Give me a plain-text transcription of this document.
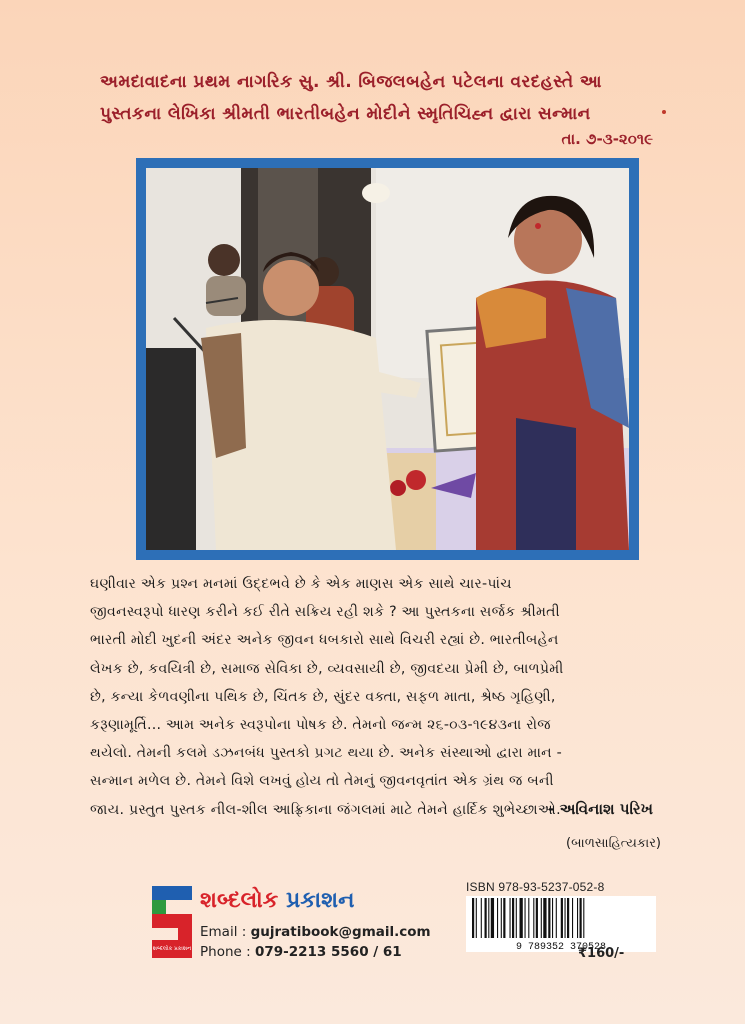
અમદાવાદના પ્રથમ નાગરિક સુ. શ્રી. બિજલબહેન પટેલના વરદહસ્તે આ
પુસ્તકના લેખિકા શ્રીમતી ભારતીબહેન મોદીને સ્મૃતિચિહ્ન દ્વારા સન્માન
તા. ૭-૩-૨૦૧૯
ઘણીવાર એક પ્રશ્ન મનમાં ઉદ્દભવે છે કે એક માણસ એક સાથે ચાર-પાંચ
જીવનસ્વરૂપો ધારણ કરીને કઈ રીતે સક્રિય રહી શકે ? આ પુસ્તકના સર્જક શ્રીમતી
ભારતી મોદી ખુદની અંદર અનેક જીવન ધબકારો સાથે વિચરી રહ્યાં છે. ભારતીબહેન
લેખક છે, કવયિત્રી છે, સમાજ સેવિકા છે, વ્યવસાયી છે, જીવદયા પ્રેમી છે, બાળપ્રેમી
છે, કન્યા કેળવણીના પથિક છે, ચિંતક છે, સુંદર વક્તા, સફળ માતા, શ્રેષ્ઠ ગૃહિણી,
કરૂણામૂર્તિ... આમ અનેક સ્વરૂપોના પોષક છે. તેમનો જન્મ ૨૬-૦૩-૧૯૪૩ના રોજ
થયેલો. તેમની કલમે ડઝનબંધ પુસ્તકો પ્રગટ થયા છે. અનેક સંસ્થાઓ દ્વારા માન -
સન્માન મળેલ છે. તેમને વિશે લખવું હોય તો તેમનું જીવનવૃતાંત એક ગ્રંથ જ બની
જાય. પ્રસ્તુત પુસ્તક નીલ-શીલ આફ્રિકાના જંગલમાં માટે તેમને હાર્દિક શુભેચ્છાઓ.
- અવિનાશ પરિખ
(બાળસાહિત્યકાર)
શબ્દલોક પ્રકાશન
શબ્દલોક પ્રકાશન
Email : gujratibook@gmail.com
Phone : 079-2213 5560 / 61
ISBN 978-93-5237-052-8
9 789352 370528
₹160/-
